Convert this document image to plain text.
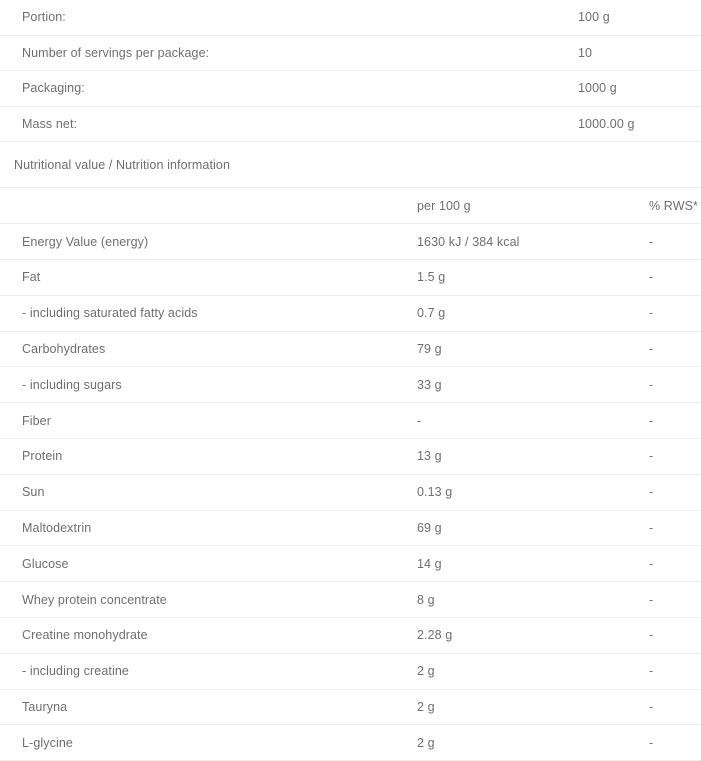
Portion:	100 g
Number of servings per package:	10
Packaging:	1000 g
Mass net:	1000.00 g
Nutritional value / Nutrition information	
	per 100 g	% RWS*
Energy Value (energy)	1630 kJ / 384 kcal	-
Fat	1.5 g	-
- including saturated fatty acids	0.7 g	-
Carbohydrates	79 g	-
- including sugars	33 g	-
Fiber	-	-
Protein	13 g	-
Sun	0.13 g	-
Maltodextrin	69 g	-
Glucose	14 g	-
Whey protein concentrate	8 g	-
Creatine monohydrate	2.28 g	-
- including creatine	2 g	-
Tauryna	2 g	-
L-glycine	2 g	-
